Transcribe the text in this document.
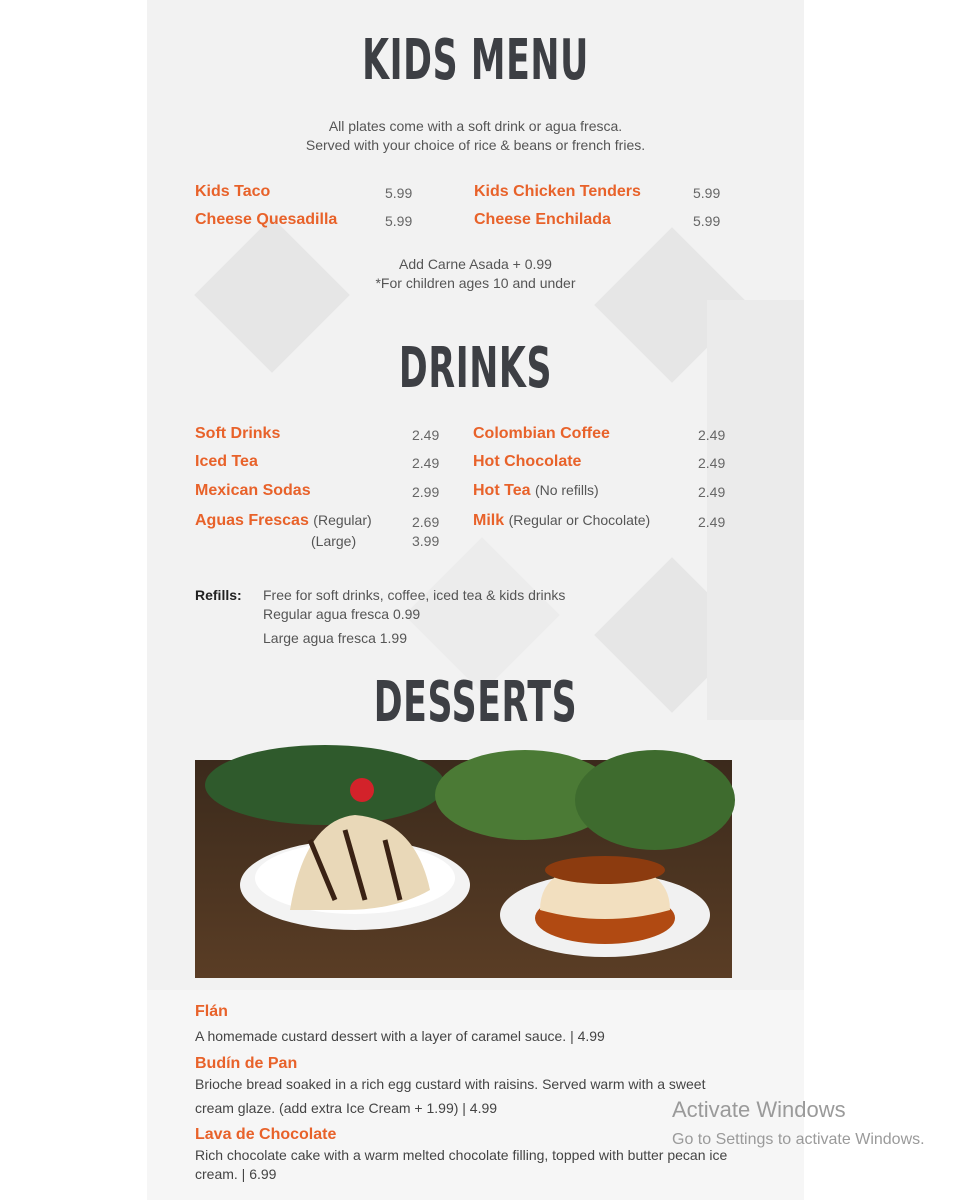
KIDS MENU
All plates come with a soft drink or agua fresca.
Served with your choice of rice & beans or french fries.
Kids Taco	5.99
Cheese Quesadilla	5.99
Kids Chicken Tenders	5.99
Cheese Enchilada	5.99
Add Carne Asada + 0.99
*For children ages 10 and under
DRINKS
Soft Drinks	2.49
Iced Tea	2.49
Mexican Sodas	2.99
Aguas Frescas (Regular)	2.69
(Large)	3.99
Colombian Coffee	2.49
Hot Chocolate	2.49
Hot Tea (No refills)	2.49
Milk (Regular or Chocolate)	2.49
Refills: Free for soft drinks, coffee, iced tea & kids drinks
Regular agua fresca 0.99
Large agua fresca 1.99
DESSERTS
Flán
A homemade custard dessert with a layer of caramel sauce. | 4.99
Budín de Pan
Brioche bread soaked in a rich egg custard with raisins. Served warm with a sweet cream glaze. (add extra Ice Cream + 1.99) | 4.99
Lava de Chocolate
Rich chocolate cake with a warm melted chocolate filling, topped with butter pecan ice cream. | 6.99
Activate Windows
Go to Settings to activate Windows.
